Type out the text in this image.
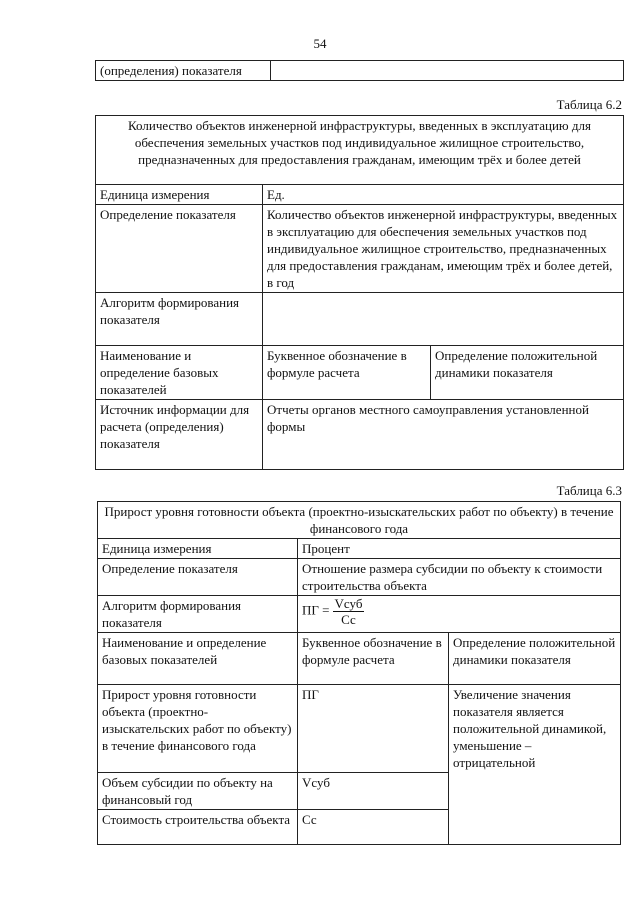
54
(определения) показателя	
Таблица 6.2
Количество объектов инженерной инфраструктуры, введенных в эксплуатацию для обеспечения земельных участков под индивидуальное жилищное строительство, предназначенных для предоставления гражданам, имеющим трёх и более детей		
Единица измерения	Ед.	
Определение показателя	Количество объектов инженерной инфраструктуры, введенных в эксплуатацию для обеспечения земельных участков под индивидуальное жилищное строительство, предназначенных для предоставления гражданам, имеющим трёх и более детей, в год	
Алгоритм формирования показателя		
Наименование и определение базовых показателей	Буквенное обозначение в формуле расчета	Определение положительной динамики показателя
Источник информации для расчета (определения) показателя	Отчеты органов местного самоуправления установленной формы	
Таблица 6.3
Прирост уровня готовности объекта (проектно-изыскательских работ по объекту) в течение финансового года		
Единица измерения	Процент	
Определение показателя	Отношение размера субсидии по объекту к стоимости строительства объекта	
Алгоритм формирования показателя	ПГ = $\frac{\text{Vсуб}}{Сс}$

Наименование и определение базовых показателей	Буквенное обозначение в формуле расчета	Определение положительной динамики показателя
Прирост уровня готовности объекта (проектно-изыскательских работ по объекту) в течение финансового года	ПГ	Увеличение значения показателя является положительной динамикой, уменьшение – отрицательной
Объем субсидии по объекту на финансовый год	Vсуб	
Стоимость строительства объекта	Сс	
